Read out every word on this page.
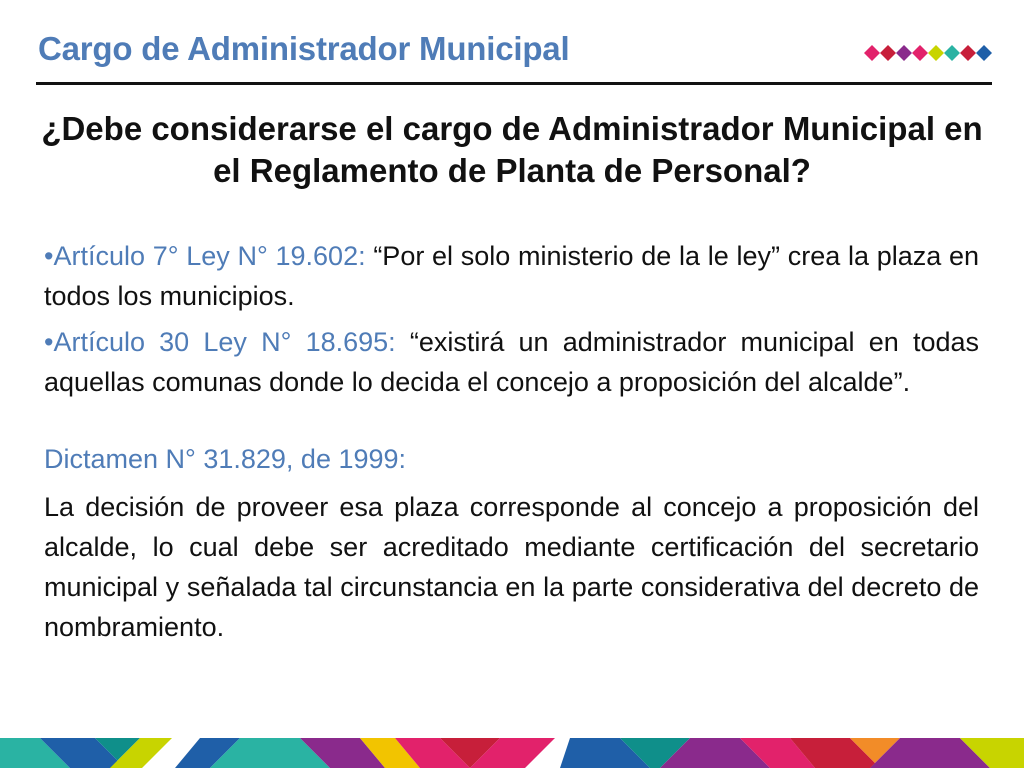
Cargo de Administrador Municipal
¿Debe considerarse el cargo de Administrador Municipal en el Reglamento de Planta de Personal?

•Artículo 7° Ley N° 19.602: “Por el solo ministerio de la le ley” crea la plaza en todos los municipios.

•Artículo 30 Ley N° 18.695: “existirá un administrador municipal en todas aquellas comunas donde lo decida el concejo a proposición del alcalde”.

Dictamen N° 31.829, de 1999:

La decisión de proveer esa plaza corresponde al concejo a proposición del alcalde, lo cual debe ser acreditado mediante certificación del secretario municipal y señalada tal circunstancia en la parte considerativa del decreto de nombramiento.
